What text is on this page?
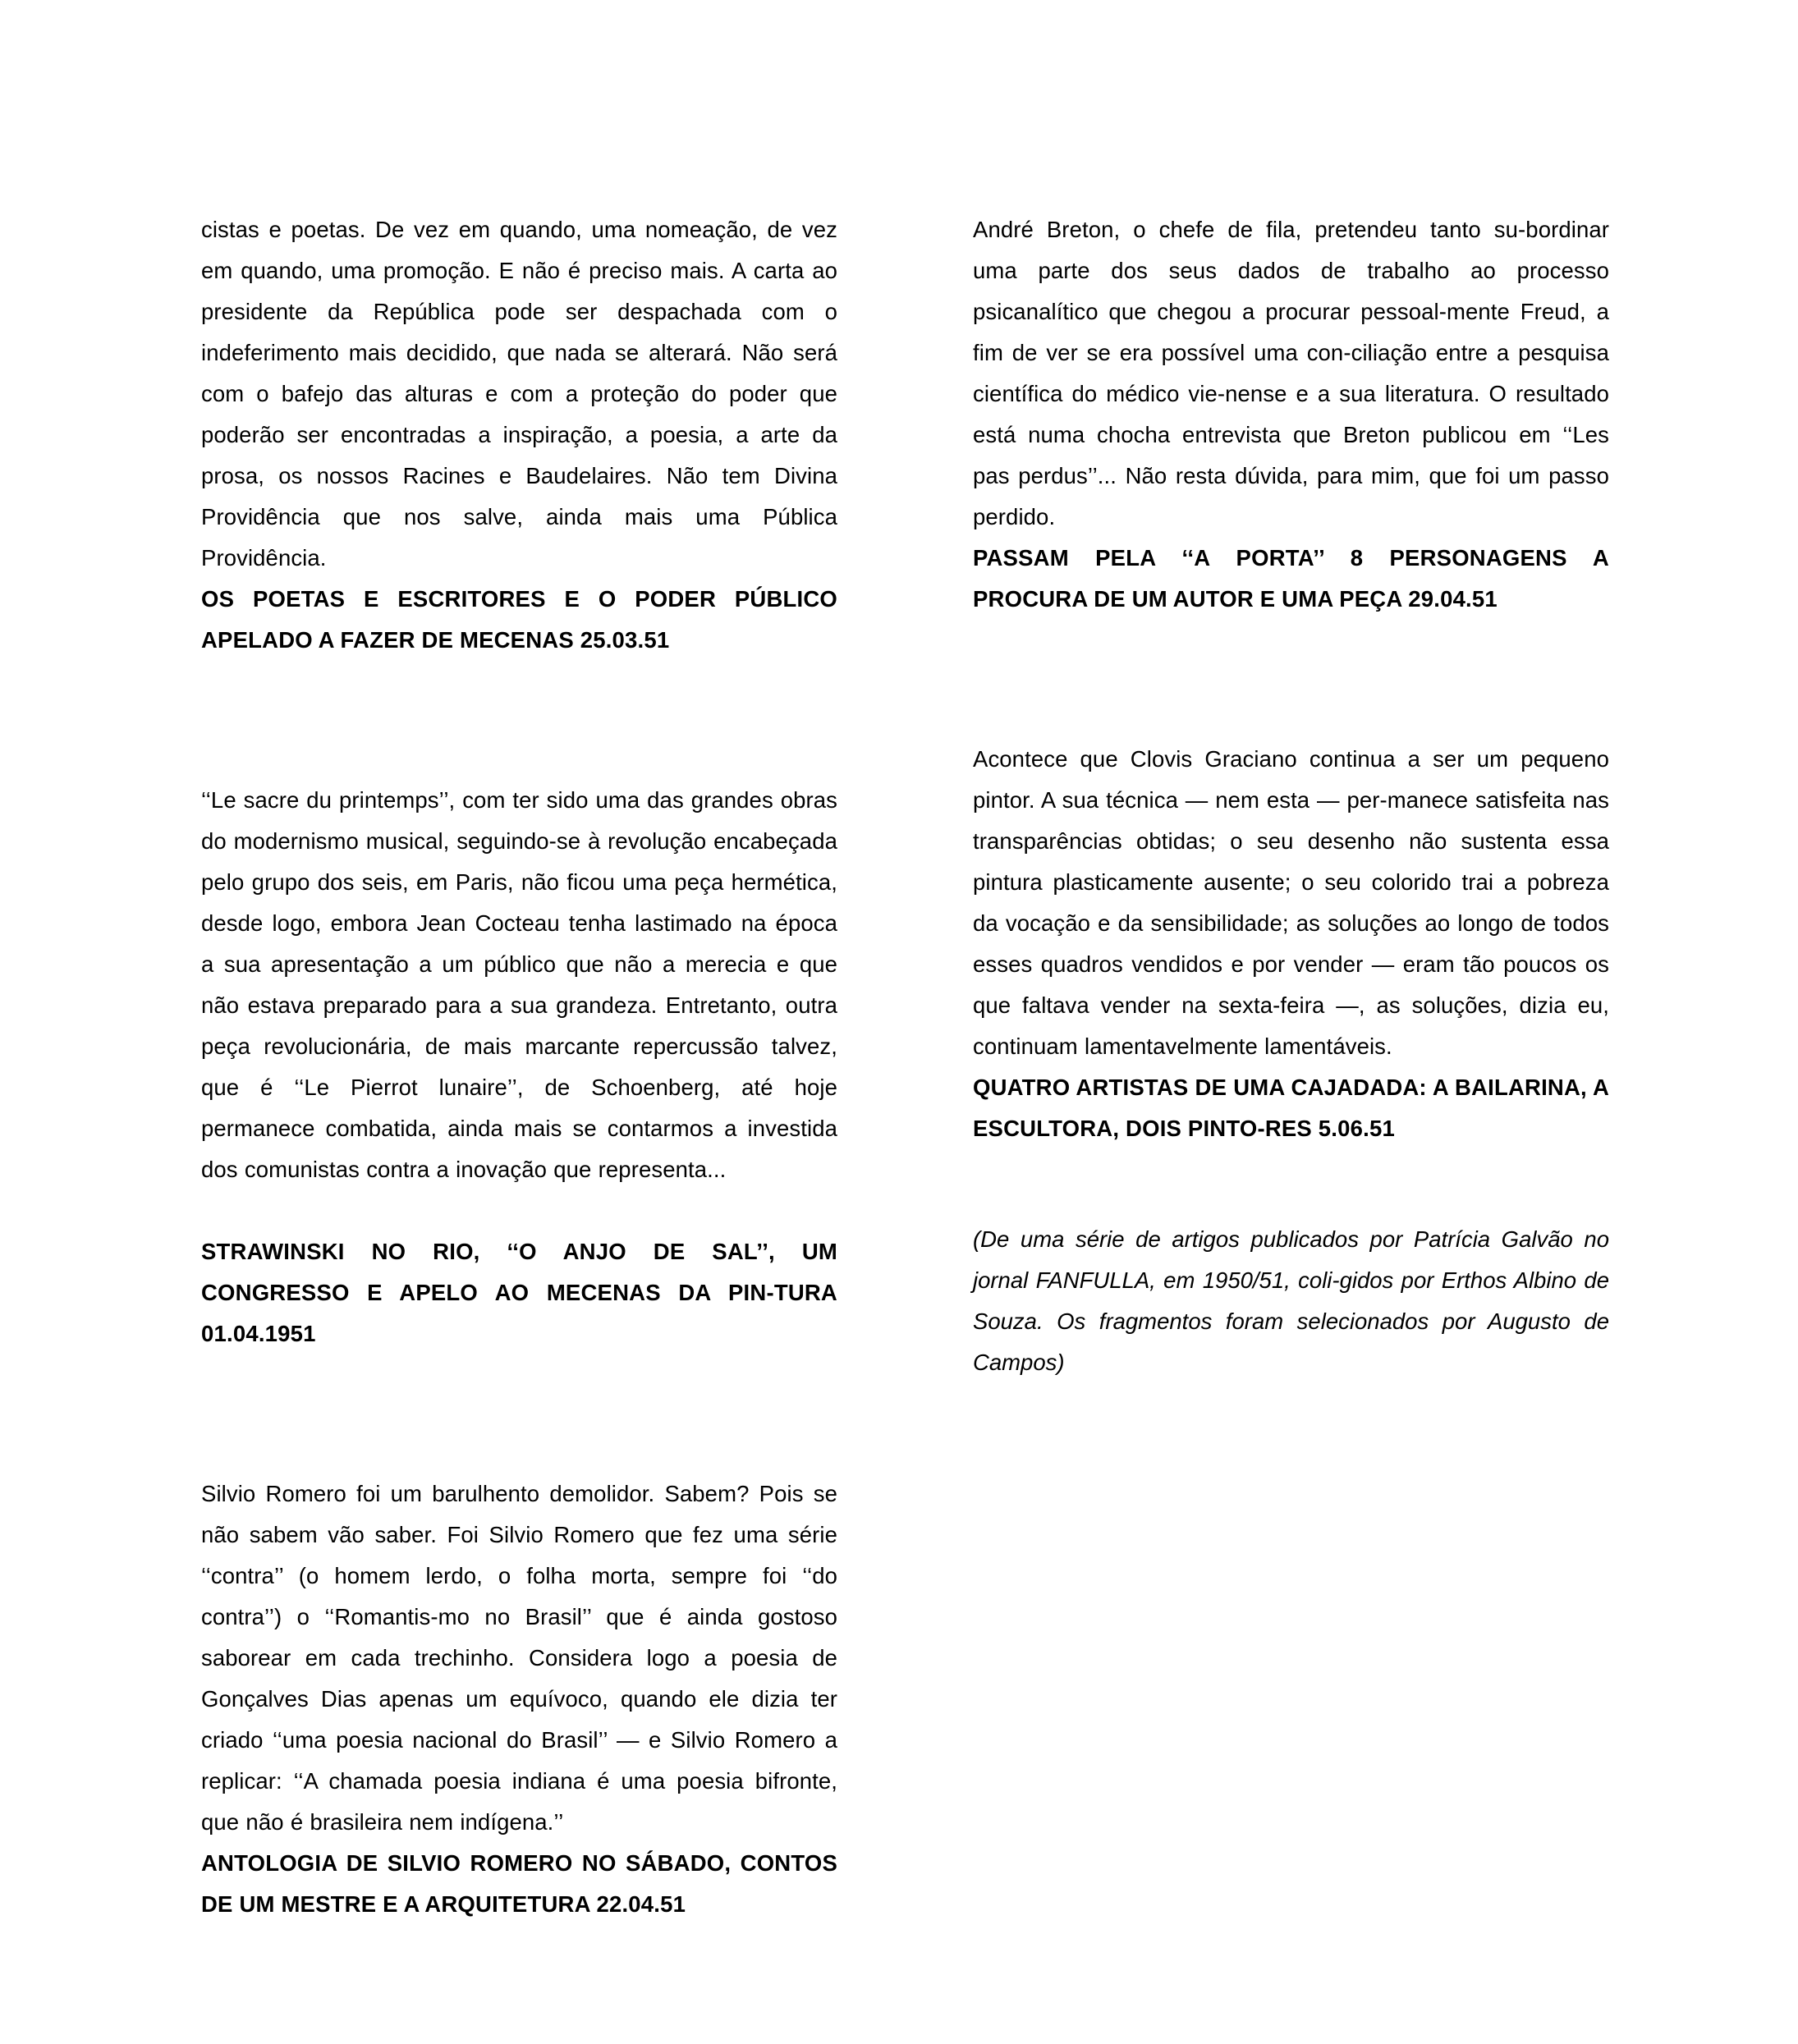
cistas e poetas. De vez em quando, uma nomeação, de vez em quando, uma promoção. E não é preciso mais. A carta ao presidente da República pode ser despachada com o indeferimento mais decidido, que nada se alterará. Não será com o bafejo das alturas e com a proteção do poder que poderão ser encontradas a inspiração, a poesia, a arte da prosa, os nossos Racines e Baudelaires. Não tem Divina Providência que nos salve, ainda mais uma Pública Providência.

OS POETAS E ESCRITORES E O PODER PÚBLICO APELADO A FAZER DE MECENAS 25.03.51

‘‘Le sacre du printemps’’, com ter sido uma das grandes obras do modernismo musical, seguindo-se à revolução encabeçada pelo grupo dos seis, em Paris, não ficou uma peça hermética, desde logo, embora Jean Cocteau tenha lastimado na época a sua apresentação a um público que não a merecia e que não estava preparado para a sua grandeza. Entretanto, outra peça revolucionária, de mais marcante repercussão talvez, que é ‘‘Le Pierrot lunaire’’, de Schoenberg, até hoje permanece combatida, ainda mais se contarmos a investida dos comunistas contra a inovação que representa...

STRAWINSKI NO RIO, ‘‘O ANJO DE SAL’’, UM CONGRESSO E APELO AO MECENAS DA PIN-TURA 01.04.1951

Silvio Romero foi um barulhento demolidor. Sabem? Pois se não sabem vão saber. Foi Silvio Romero que fez uma série ‘‘contra’’ (o homem lerdo, o folha morta, sempre foi ‘‘do contra’’) o ‘‘Romantis-mo no Brasil’’ que é ainda gostoso saborear em cada trechinho. Considera logo a poesia de Gonçalves Dias apenas um equívoco, quando ele dizia ter criado ‘‘uma poesia nacional do Brasil’’ — e Silvio Romero a replicar: ‘‘A chamada poesia indiana é uma poesia bifronte, que não é brasileira nem indígena.’’

ANTOLOGIA DE SILVIO ROMERO NO SÁBADO, CONTOS DE UM MESTRE E A ARQUITETURA 22.04.51

André Breton, o chefe de fila, pretendeu tanto su-bordinar uma parte dos seus dados de trabalho ao processo psicanalítico que chegou a procurar pessoal-mente Freud, a fim de ver se era possível uma con-ciliação entre a pesquisa científica do médico vie-nense e a sua literatura. O resultado está numa chocha entrevista que Breton publicou em ‘‘Les pas perdus’’... Não resta dúvida, para mim, que foi um passo perdido.

PASSAM PELA ‘‘A PORTA’’ 8 PERSONAGENS A PROCURA DE UM AUTOR E UMA PEÇA 29.04.51

Acontece que Clovis Graciano continua a ser um pequeno pintor. A sua técnica — nem esta — per-manece satisfeita nas transparências obtidas; o seu desenho não sustenta essa pintura plasticamente ausente; o seu colorido trai a pobreza da vocação e da sensibilidade; as soluções ao longo de todos esses quadros vendidos e por vender — eram tão poucos os que faltava vender na sexta-feira —, as soluções, dizia eu, continuam lamentavelmente lamentáveis.

QUATRO ARTISTAS DE UMA CAJADADA: A BAILARINA, A ESCULTORA, DOIS PINTO-RES 5.06.51

(De uma série de artigos publicados por Patrícia Galvão no jornal FANFULLA, em 1950/51, coli-gidos por Erthos Albino de Souza. Os fragmentos foram selecionados por Augusto de Campos)
